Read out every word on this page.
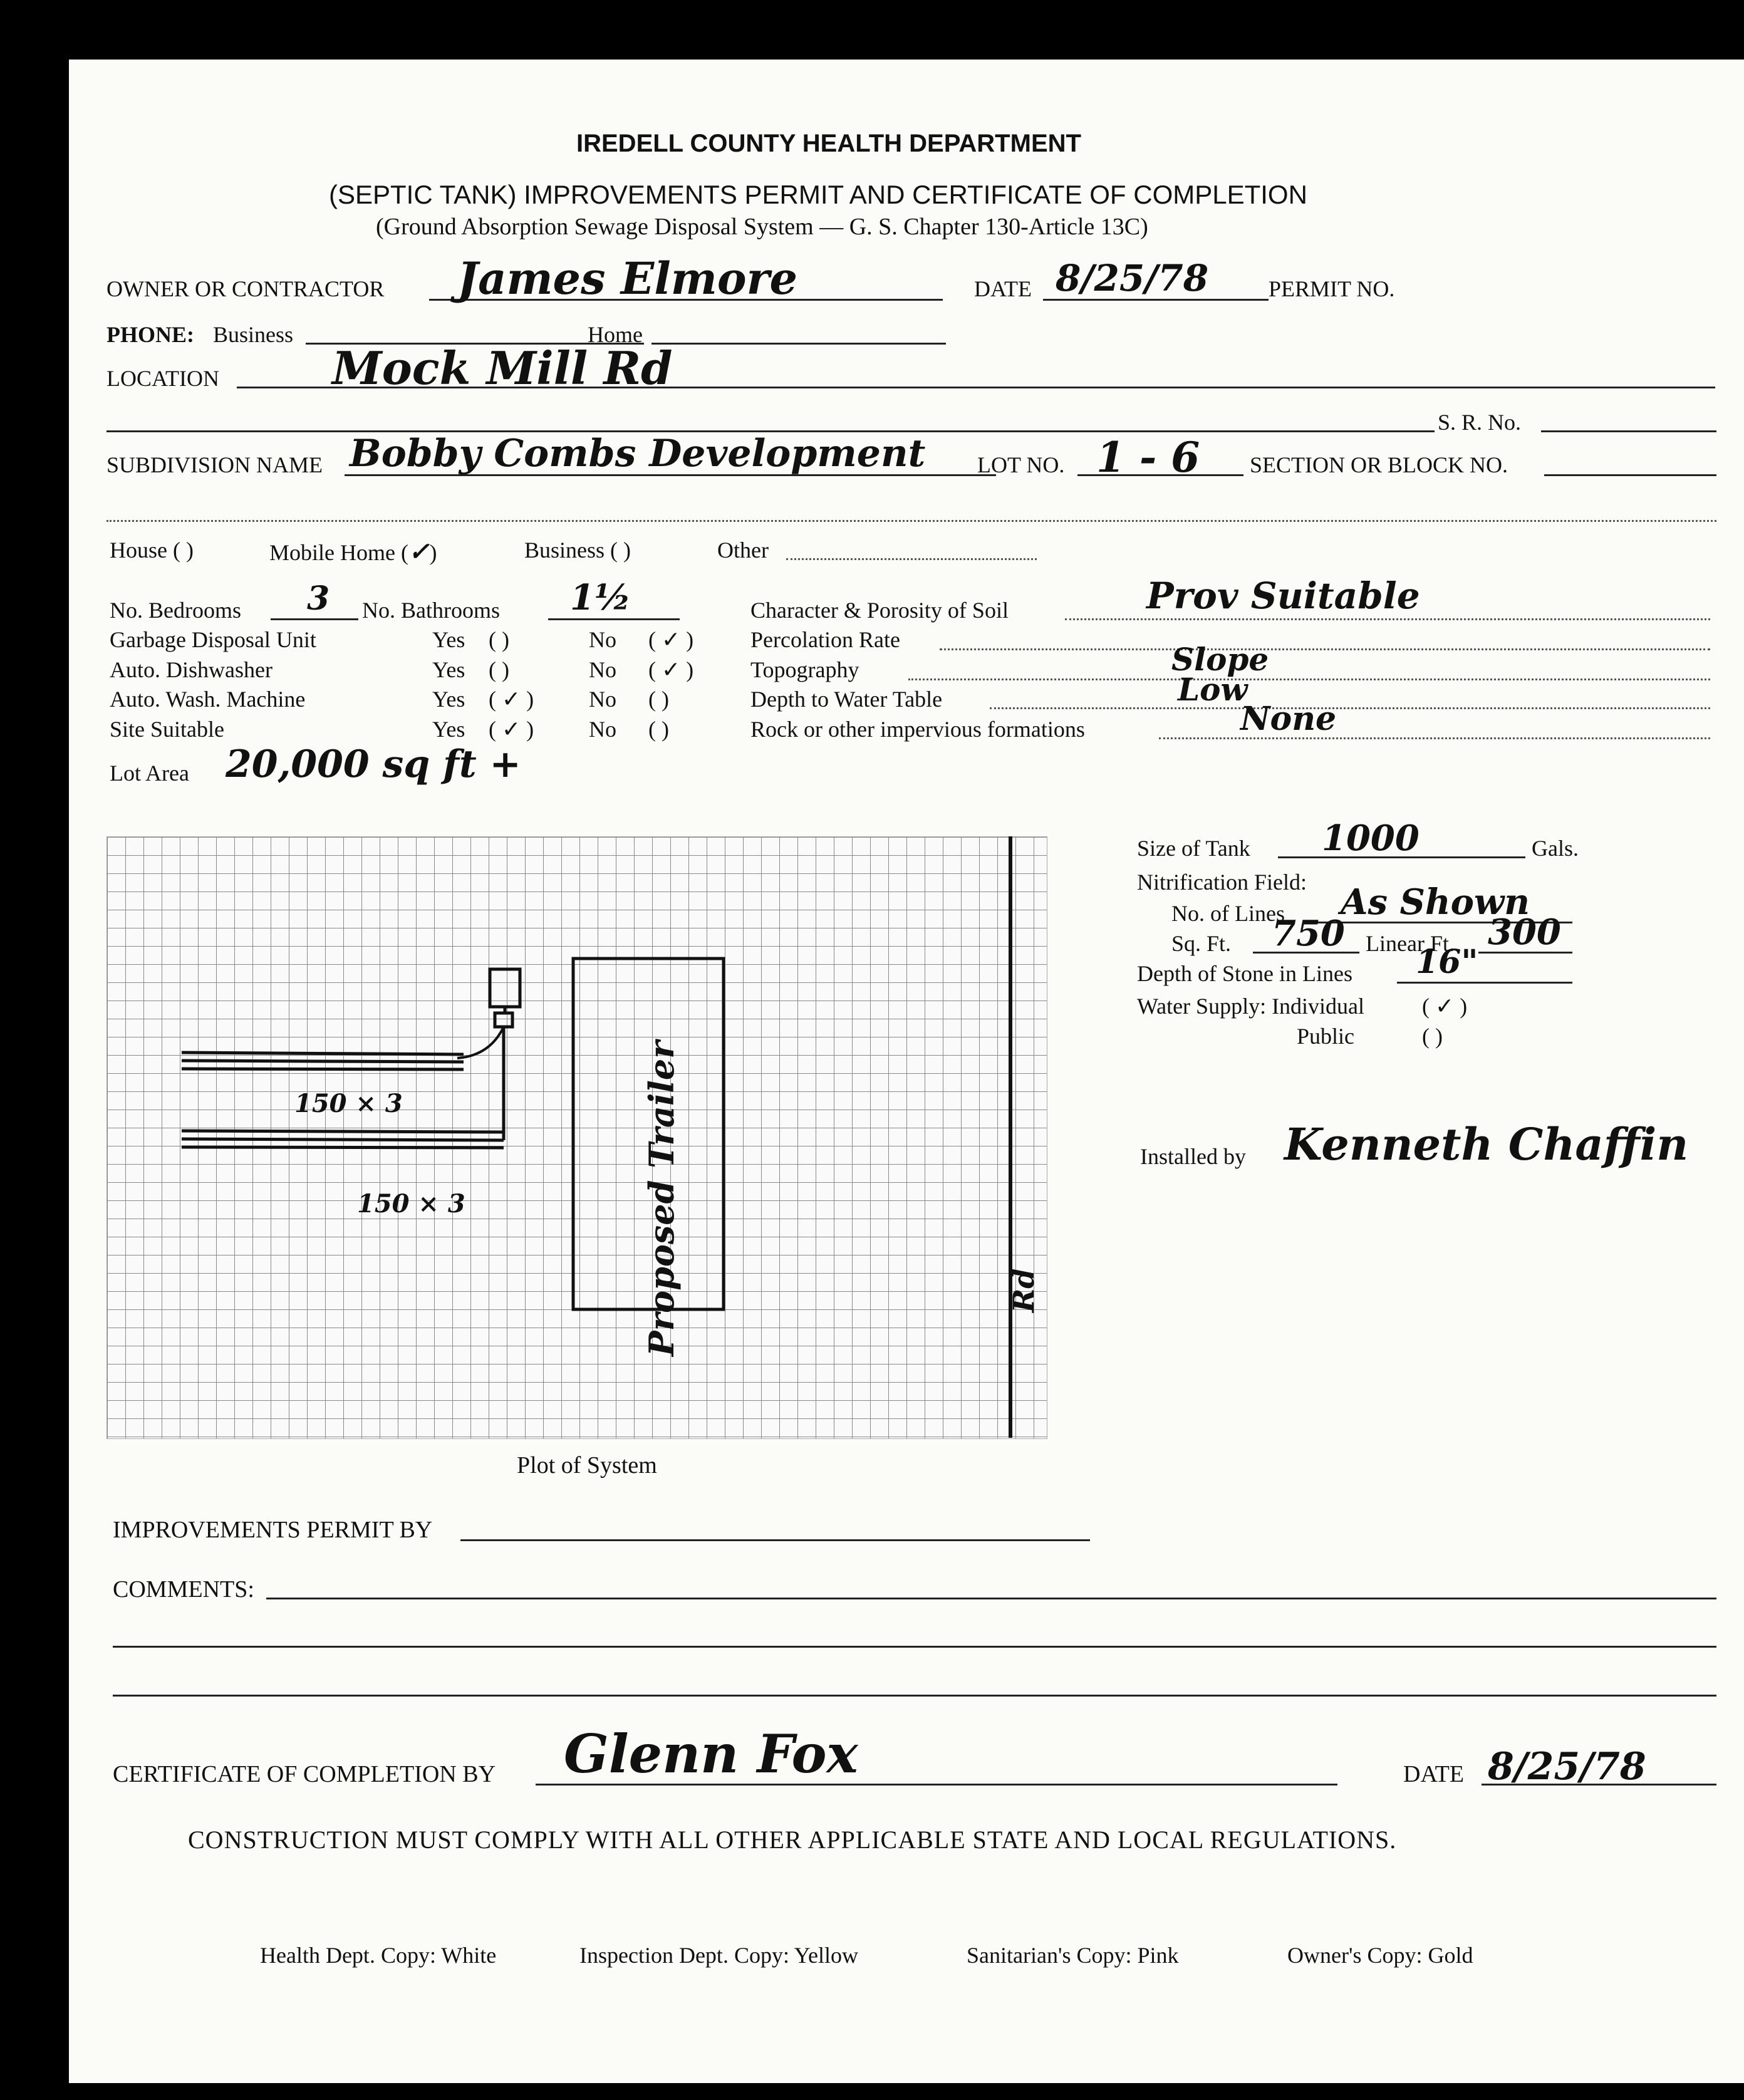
IREDELL COUNTY HEALTH DEPARTMENT
(SEPTIC TANK) IMPROVEMENTS PERMIT AND CERTIFICATE OF COMPLETION
(Ground Absorption Sewage Disposal System — G. S. Chapter 130-Article 13C)
OWNER OR CONTRACTOR James Elmore	DATE 8/25/78	PERMIT NO.
PHONE: Business	Home
LOCATION	Mock Mill Rd
S. R. No.
SUBDIVISION NAME Bobby Combs Development LOT NO. 1 - 6 SECTION OR BLOCK NO.
House ( )	Mobile Home (✓)	Business ( )	Other
No. Bedrooms 3 No. Bathrooms 1½
Garbage Disposal Unit	Yes ( )	No ( ✓ )
Auto. Dishwasher	Yes ( )	No ( ✓ )
Auto. Wash. Machine	Yes ( ✓ ) No ( )
Site Suitable	Yes ( ✓ ) No ( )
Character & Porosity of Soil	Prov Suitable
Percolation Rate
Topography	Slope
Depth to Water Table	Low
Rock or other impervious formations	None
Lot Area 20,000 sq ft +
150 × 3
150 × 3	Proposed Trailer	Rd
Plot of System
Size of Tank 1000	Gals.
Nitrification Field:
No. of Lines As Shown
Sq. Ft. 750 Linear Ft. 300
Depth of Stone in Lines 16"
Water Supply: Individual	( ✓ )
Public	( )
Installed by Kenneth Chaffin
IMPROVEMENTS PERMIT BY
COMMENTS:
CERTIFICATE OF COMPLETION BY Glenn Fox	DATE 8/25/78
CONSTRUCTION MUST COMPLY WITH ALL OTHER APPLICABLE STATE AND LOCAL REGULATIONS.
Health Dept. Copy: White	Inspection Dept. Copy: Yellow	Sanitarian's Copy: Pink	Owner's Copy: Gold
